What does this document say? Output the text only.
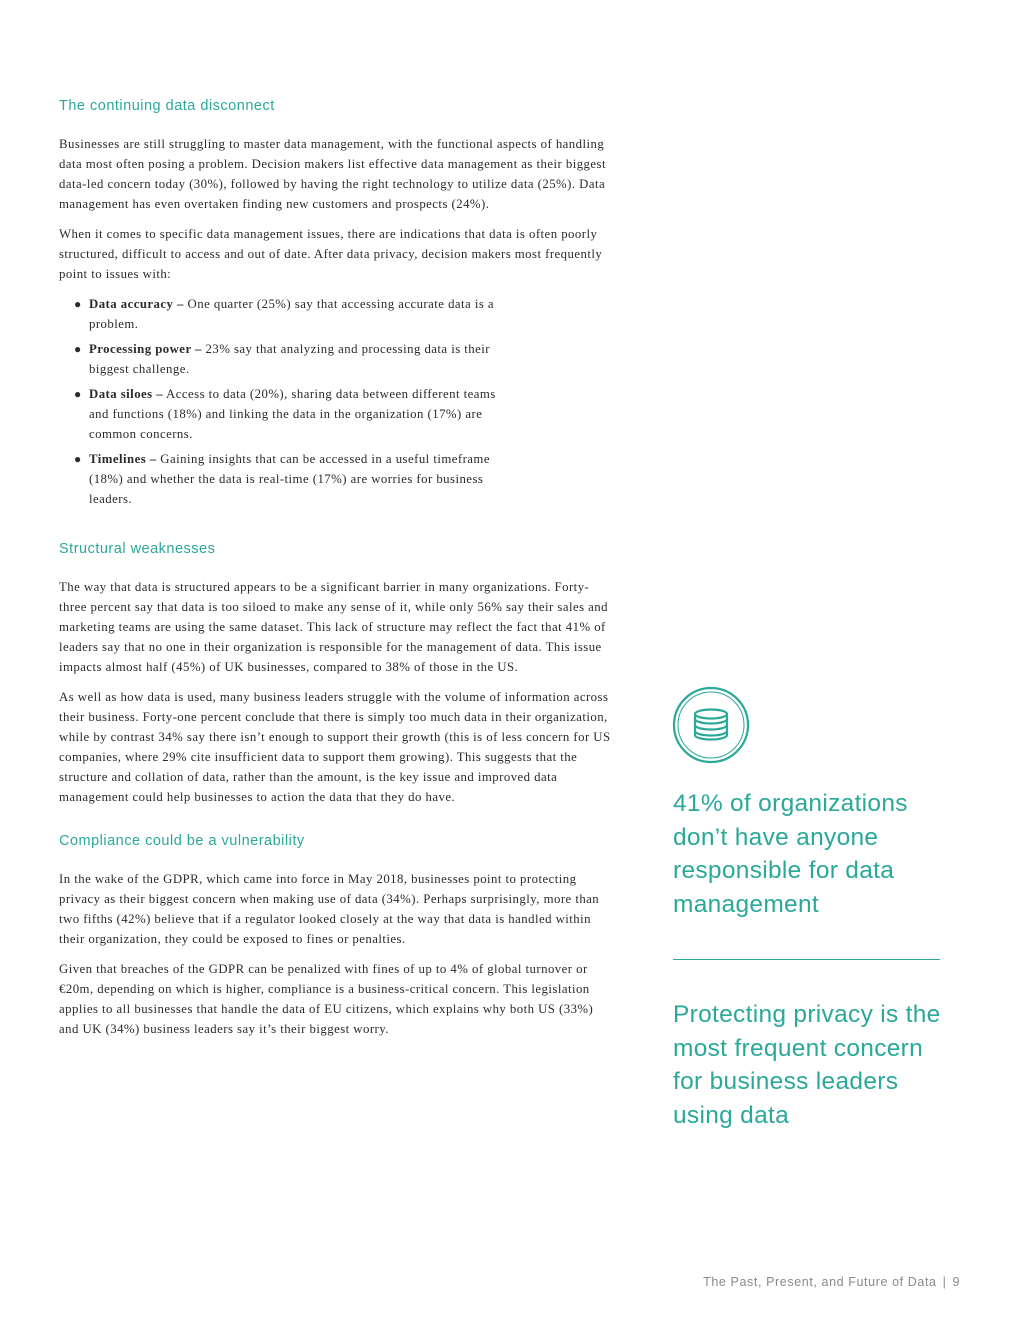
The continuing data disconnect

Businesses are still struggling to master data management, with the functional aspects of handling data most often posing a problem. Decision makers list effective data management as their biggest data-led concern today (30%), followed by having the right technology to utilize data (25%). Data management has even overtaken finding new customers and prospects (24%).

When it comes to specific data management issues, there are indications that data is often poorly structured, difficult to access and out of date. After data privacy, decision makers most frequently point to issues with:

● Data accuracy – One quarter (25%) say that accessing accurate data is a problem.
● Processing power – 23% say that analyzing and processing data is their biggest challenge.
● Data siloes – Access to data (20%), sharing data between different teams and functions (18%) and linking the data in the organization (17%) are common concerns.
● Timelines – Gaining insights that can be accessed in a useful timeframe (18%) and whether the data is real-time (17%) are worries for business leaders.
Structural weaknesses

The way that data is structured appears to be a significant barrier in many organizations. Forty-three percent say that data is too siloed to make any sense of it, while only 56% say their sales and marketing teams are using the same dataset. This lack of structure may reflect the fact that 41% of leaders say that no one in their organization is responsible for the management of data. This issue impacts almost half (45%) of UK businesses, compared to 38% of those in the US.

As well as how data is used, many business leaders struggle with the volume of information across their business. Forty-one percent conclude that there is simply too much data in their organization, while by contrast 34% say there isn’t enough to support their growth (this is of less concern for US companies, where 29% cite insufficient data to support them growing). This suggests that the structure and collation of data, rather than the amount, is the key issue and improved data management could help businesses to action the data that they do have.

Compliance could be a vulnerability

In the wake of the GDPR, which came into force in May 2018, businesses point to protecting privacy as their biggest concern when making use of data (34%). Perhaps surprisingly, more than two fifths (42%) believe that if a regulator looked closely at the way that data is handled within their organization, they could be exposed to fines or penalties.

Given that breaches of the GDPR can be penalized with fines of up to 4% of global turnover or €20m, depending on which is higher, compliance is a business-critical concern. This legislation applies to all businesses that handle the data of EU citizens, which explains why both US (33%) and UK (34%) business leaders say it’s their biggest worry.

41% of organizations don’t have anyone responsible for data management

Protecting privacy is the most frequent concern for business leaders using data

The Past, Present, and Future of Data | 9
